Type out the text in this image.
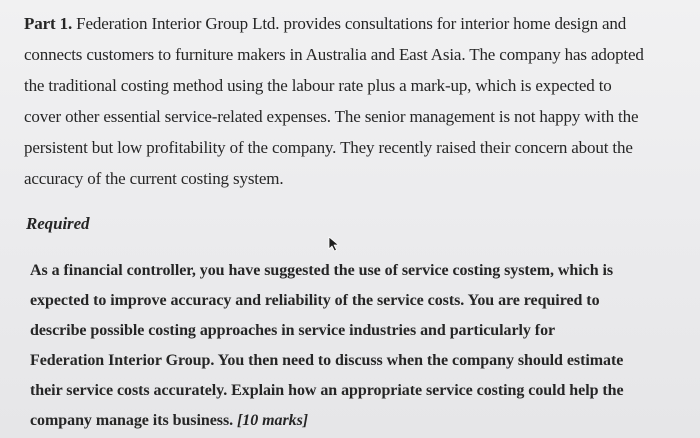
Part 1. Federation Interior Group Ltd. provides consultations for interior home design and
connects customers to furniture makers in Australia and East Asia. The company has adopted
the traditional costing method using the labour rate plus a mark-up, which is expected to
cover other essential service-related expenses. The senior management is not happy with the
persistent but low profitability of the company. They recently raised their concern about the
accuracy of the current costing system.
Required
As a financial controller, you have suggested the use of service costing system, which is
expected to improve accuracy and reliability of the service costs. You are required to
describe possible costing approaches in service industries and particularly for
Federation Interior Group. You then need to discuss when the company should estimate
their service costs accurately. Explain how an appropriate service costing could help the
company manage its business. [10 marks]
